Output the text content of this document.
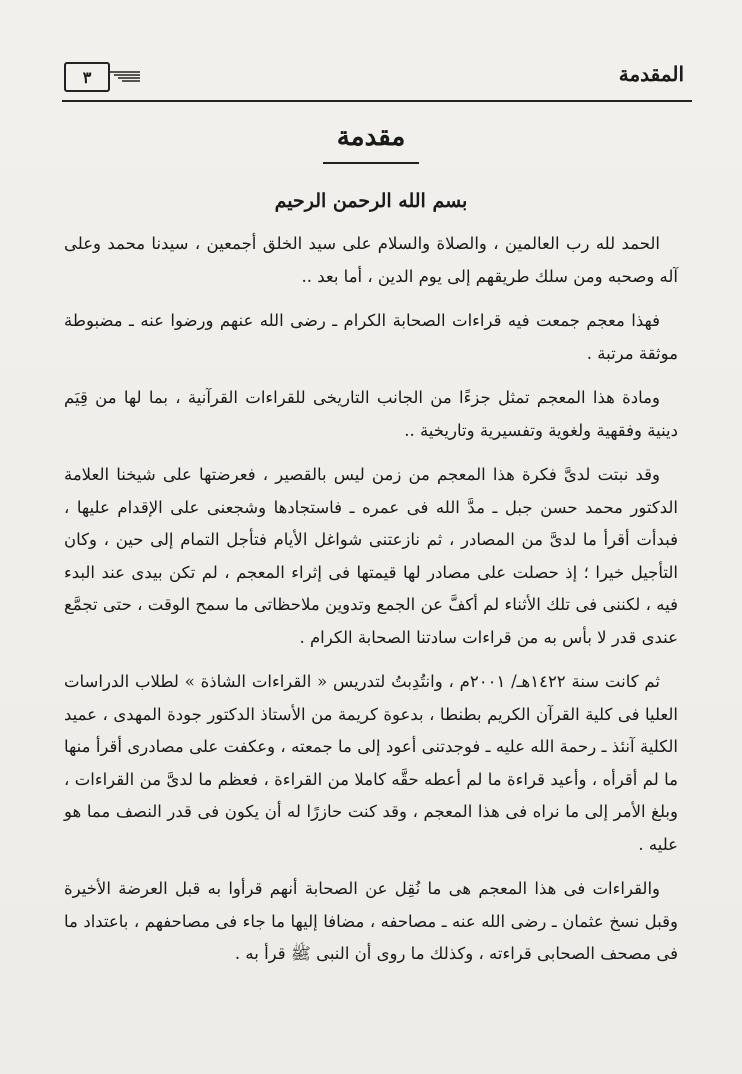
المقدمة
٣
مقدمة
بسم الله الرحمن الرحيم

الحمد لله رب العالمين ، والصلاة والسلام على سيد الخلق أجمعين ، سيدنا محمد وعلى آله وصحبه ومن سلك طريقهم إلى يوم الدين ، أما بعد ..

فهذا معجم جمعت فيه قراءات الصحابة الكرام ـ رضى الله عنهم ورضوا عنه ـ مضبوطة موثقة مرتبة .

ومادة هذا المعجم تمثل جزءًا من الجانب التاريخى للقراءات القرآنية ، بما لها من قِيَم دينية وفقهية ولغوية وتفسيرية وتاريخية ..

وقد نبتت لدىَّ فكرة هذا المعجم من زمن ليس بالقصير ، فعرضتها على شيخنا العلامة الدكتور محمد حسن جبل ـ مدَّ الله فى عمره ـ فاستجادها وشجعنى على الإقدام عليها ، فبدأت أقرأ ما لدىَّ من المصادر ، ثم نازعتنى شواغل الأيام فتأجل التمام إلى حين ، وكان التأجيل خيرا ؛ إذ حصلت على مصادر لها قيمتها فى إثراء المعجم ، لم تكن بيدى عند البدء فيه ، لكننى فى تلك الأثناء لم أكفَّ عن الجمع وتدوين ملاحظاتى ما سمح الوقت ، حتى تجمَّع عندى قدر لا بأس به من قراءات سادتنا الصحابة الكرام .

ثم كانت سنة ١٤٢٢هـ/ ٢٠٠١م ، وانتُدِبتُ لتدريس « القراءات الشاذة » لطلاب الدراسات العليا فى كلية القرآن الكريم بطنطا ، بدعوة كريمة من الأستاذ الدكتور جودة المهدى ، عميد الكلية آنئذ ـ رحمة الله عليه ـ فوجدتنى أعود إلى ما جمعته ، وعكفت على مصادرى أقرأ منها ما لم أقرأه ، وأعيد قراءة ما لم أعطه حقَّه كاملا من القراءة ، فعظم ما لدىَّ من القراءات ، وبلغ الأمر إلى ما نراه فى هذا المعجم ، وقد كنت حازرًا له أن يكون فى قدر النصف مما هو عليه .

والقراءات فى هذا المعجم هى ما نُقِل عن الصحابة أنهم قرأوا به قبل العرضة الأخيرة وقبل نسخ عثمان ـ رضى الله عنه ـ مصاحفه ، مضافا إليها ما جاء فى مصاحفهم ، باعتداد ما فى مصحف الصحابى قراءته ، وكذلك ما روى أن النبى ﷺ قرأ به .
